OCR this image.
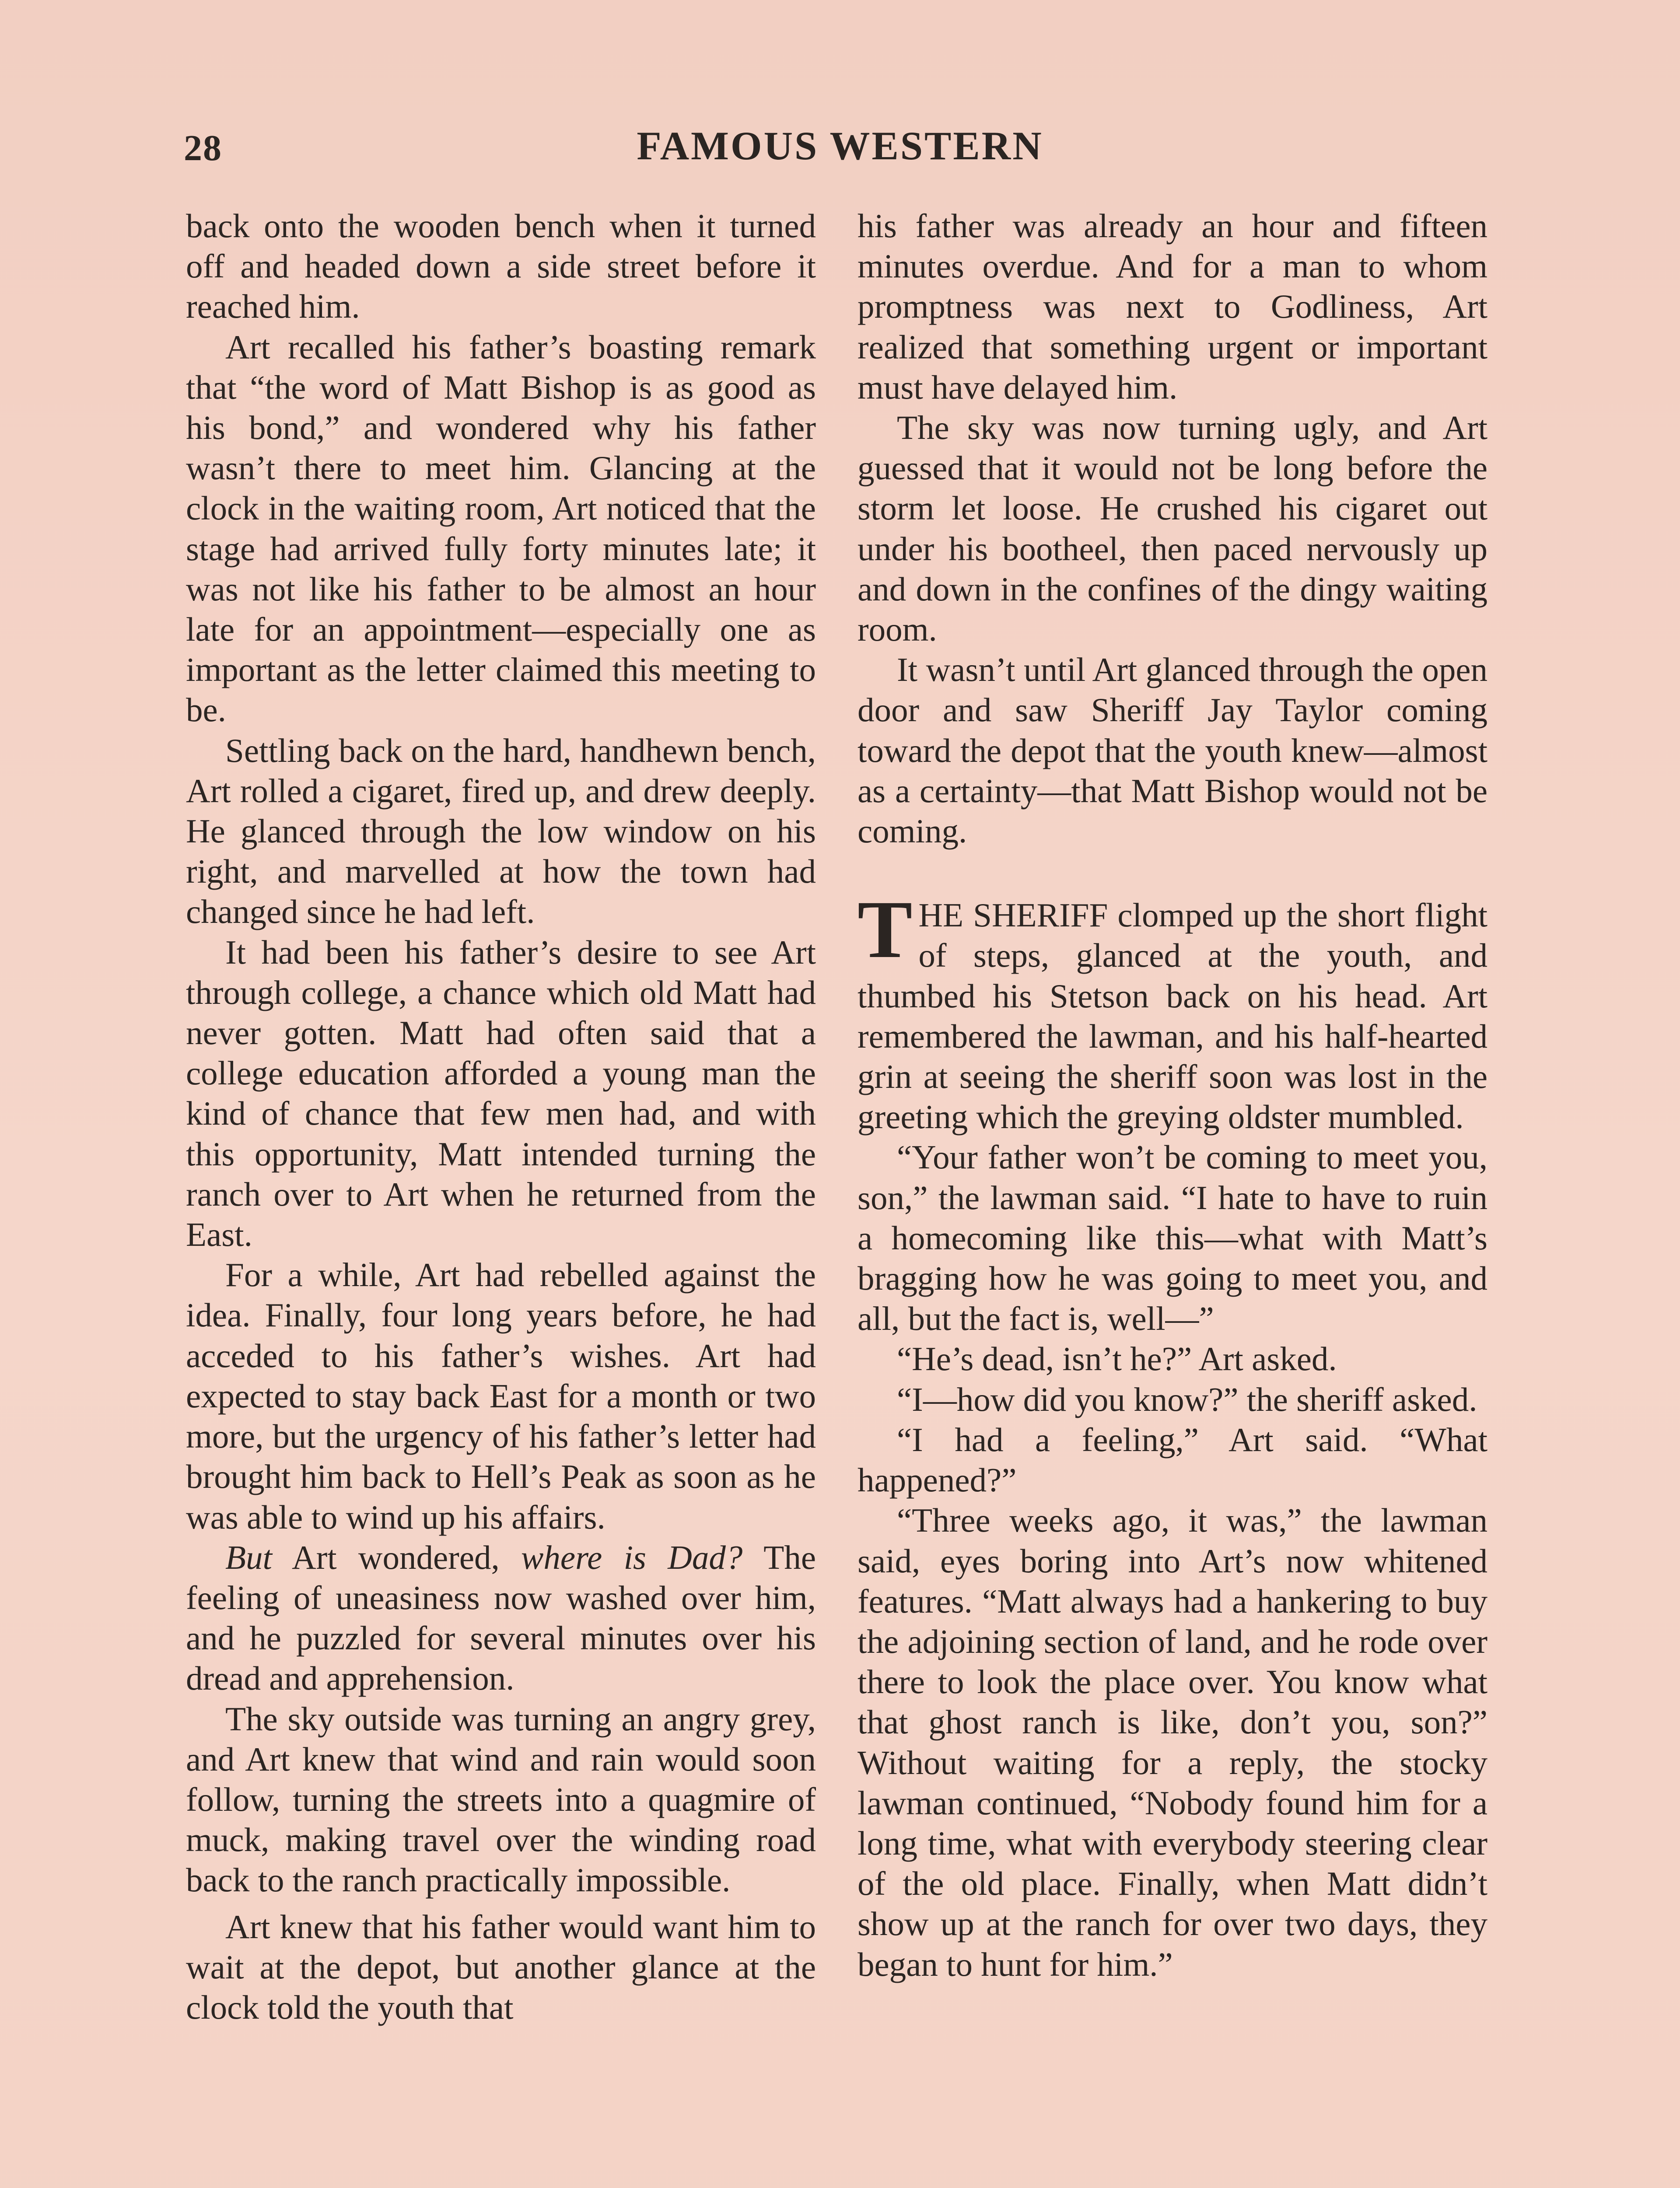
28	FAMOUS WESTERN

back onto the wooden bench when it turned off and headed down a side street before it reached him.

Art recalled his father’s boasting remark that “the word of Matt Bishop is as good as his bond,” and wondered why his father wasn’t there to meet him. Glancing at the clock in the waiting room, Art noticed that the stage had arrived fully forty minutes late; it was not like his father to be almost an hour late for an appointment—especially one as important as the letter claimed this meeting to be.

Settling back on the hard, handhewn bench, Art rolled a cigaret, fired up, and drew deeply. He glanced through the low window on his right, and marvelled at how the town had changed since he had left.

It had been his father’s desire to see Art through college, a chance which old Matt had never gotten. Matt had often said that a college education afforded a young man the kind of chance that few men had, and with this opportunity, Matt intended turning the ranch over to Art when he returned from the East.

For a while, Art had rebelled against the idea. Finally, four long years before, he had acceded to his father’s wishes. Art had expected to stay back East for a month or two more, but the urgency of his father’s letter had brought him back to Hell’s Peak as soon as he was able to wind up his affairs.

But Art wondered, where is Dad? The feeling of uneasiness now washed over him, and he puzzled for several minutes over his dread and apprehension.

The sky outside was turning an angry grey, and Art knew that wind and rain would soon follow, turning the streets into a quagmire of muck, making travel over the winding road back to the ranch practically impossible.

Art knew that his father would want him to wait at the depot, but another glance at the clock told the youth that

his father was already an hour and fifteen minutes overdue. And for a man to whom promptness was next to Godliness, Art realized that something urgent or important must have delayed him.

The sky was now turning ugly, and Art guessed that it would not be long before the storm let loose. He crushed his cigaret out under his bootheel, then paced nervously up and down in the confines of the dingy waiting room.

It wasn’t until Art glanced through the open door and saw Sheriff Jay Taylor coming toward the depot that the youth knew—almost as a certainty—that Matt Bishop would not be coming.

THE SHERIFF clomped up the short flight of steps, glanced at the youth, and thumbed his Stetson back on his head. Art remembered the lawman, and his half-hearted grin at seeing the sheriff soon was lost in the greeting which the greying oldster mumbled.

“Your father won’t be coming to meet you, son,” the lawman said. “I hate to have to ruin a homecoming like this—what with Matt’s bragging how he was going to meet you, and all, but the fact is, well—”

“He’s dead, isn’t he?” Art asked.

“I—how did you know?” the sheriff asked.

“I had a feeling,” Art said. “What happened?”

“Three weeks ago, it was,” the lawman said, eyes boring into Art’s now whitened features. “Matt always had a hankering to buy the adjoining section of land, and he rode over there to look the place over. You know what that ghost ranch is like, don’t you, son?” Without waiting for a reply, the stocky lawman continued, “Nobody found him for a long time, what with everybody steering clear of the old place. Finally, when Matt didn’t show up at the ranch for over two days, they began to hunt for him.”
